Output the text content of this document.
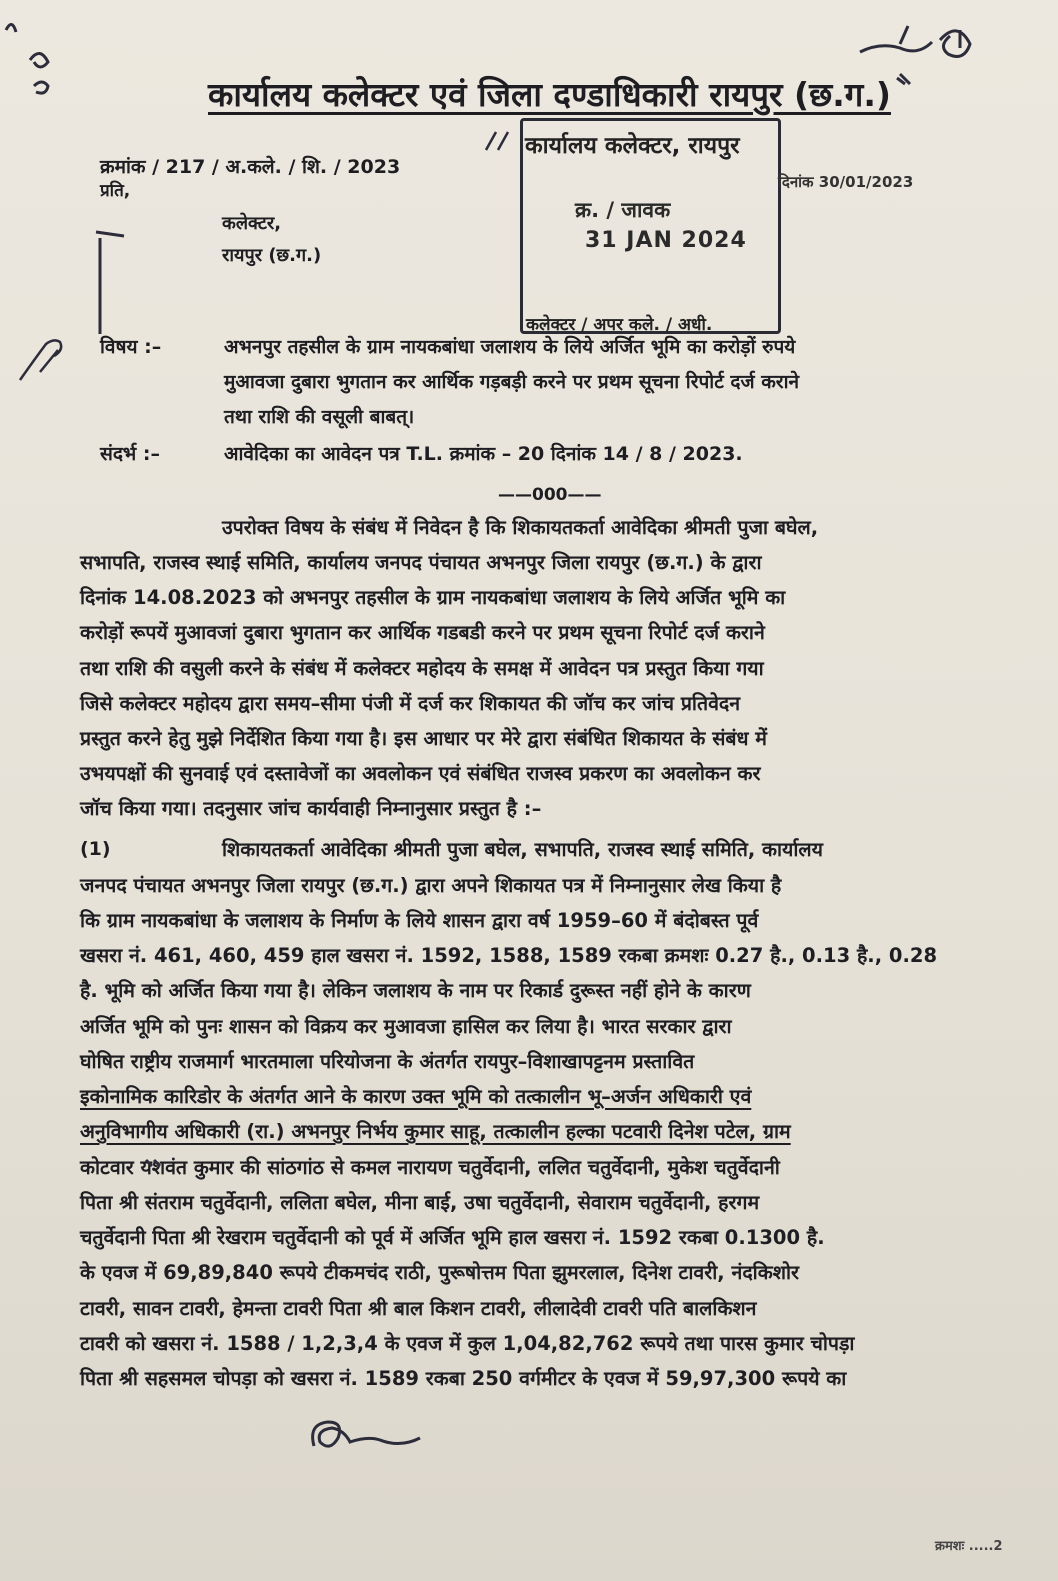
कार्यालय कलेक्टर एवं जिला दण्डाधिकारी रायपुर (छ.ग.)
क्रमांक / 217 / अ.कले. / शि. / 2023
प्रति,
कलेक्टर,
रायपुर (छ.ग.)
कार्यालय कलेक्टर, रायपुर
क्र. / जावक
31 JAN 2024
कलेक्टर / अपर कले. / अधी.
दिनांक 30/01/2023
विषय :–	अभनपुर तहसील के ग्राम नायकबांधा जलाशय के लिये अर्जित भूमि का करोड़ों रुपये
मुआवजा दुबारा भुगतान कर आर्थिक गड़बड़ी करने पर प्रथम सूचना रिपोर्ट दर्ज कराने
तथा राशि की वसूली बाबत्।
संदर्भ :–	आवेदिका का आवेदन पत्र T.L. क्रमांक – 20 दिनांक 14 / 8 / 2023.
——000——
उपरोक्त विषय के संबंध में निवेदन है कि शिकायतकर्ता आवेदिका श्रीमती पुजा बघेल,
सभापति, राजस्व स्थाई समिति, कार्यालय जनपद पंचायत अभनपुर जिला रायपुर (छ.ग.) के द्वारा
दिनांक 14.08.2023 को अभनपुर तहसील के ग्राम नायकबांधा जलाशय के लिये अर्जित भूमि का
करोड़ों रूपयें मुआवजां दुबारा भुगतान कर आर्थिक गडबडी करने पर प्रथम सूचना रिपोर्ट दर्ज कराने
तथा राशि की वसुली करने के संबंध में कलेक्टर महोदय के समक्ष में आवेदन पत्र प्रस्तुत किया गया
जिसे कलेक्टर महोदय द्वारा समय–सीमा पंजी में दर्ज कर शिकायत की जॉच कर जांच प्रतिवेदन
प्रस्तुत करने हेतु मुझे निर्देशित किया गया है। इस आधार पर मेरे द्वारा संबंधित शिकायत के संबंध में
उभयपक्षों की सुनवाई एवं दस्तावेजों का अवलोकन एवं संबंधित राजस्व प्रकरण का अवलोकन कर
जॉच किया गया। तदनुसार जांच कार्यवाही निम्नानुसार प्रस्तुत है :–
(1)	शिकायतकर्ता आवेदिका श्रीमती पुजा बघेल, सभापति, राजस्व स्थाई समिति, कार्यालय
जनपद पंचायत अभनपुर जिला रायपुर (छ.ग.) द्वारा अपने शिकायत पत्र में निम्नानुसार लेख किया है
कि ग्राम नायकबांधा के जलाशय के निर्माण के लिये शासन द्वारा वर्ष 1959–60 में बंदोबस्त पूर्व
खसरा नं. 461, 460, 459 हाल खसरा नं. 1592, 1588, 1589 रकबा क्रमशः 0.27 है., 0.13 है., 0.28
है. भूमि को अर्जित किया गया है। लेकिन जलाशय के नाम पर रिकार्ड दुरूस्त नहीं होने के कारण
अर्जित भूमि को पुनः शासन को विक्रय कर मुआवजा हासिल कर लिया है। भारत सरकार द्वारा
घोषित राष्ट्रीय राजमार्ग भारतमाला परियोजना के अंतर्गत रायपुर–विशाखापट्टनम प्रस्तावित
इकोनामिक कारिडोर के अंतर्गत आने के कारण उक्त भूमि को तत्कालीन भू–अर्जन अधिकारी एवं
अनुविभागीय अधिकारी (रा.) अभनपुर निर्भय कुमार साहू, तत्कालीन हल्का पटवारी दिनेश पटेल, ग्राम
कोटवार यशवंत कुमार की सांठगांठ से कमल नारायण चतुर्वेदानी, ललित चतुर्वेदानी, मुकेश चतुर्वेदानी
पिता श्री संतराम चतुर्वेदानी, ललिता बघेल, मीना बाई, उषा चतुर्वेदानी, सेवाराम चतुर्वेदानी, हरगम
चतुर्वेदानी पिता श्री रेखराम चतुर्वेदानी को पूर्व में अर्जित भूमि हाल खसरा नं. 1592 रकबा 0.1300 है.
के एवज में 69,89,840 रूपये टीकमचंद राठी, पुरूषोत्तम पिता झुमरलाल, दिनेश टावरी, नंदकिशोर
टावरी, सावन टावरी, हेमन्ता टावरी पिता श्री बाल किशन टावरी, लीलादेवी टावरी पति बालकिशन
टावरी को खसरा नं. 1588 / 1,2,3,4 के एवज में कुल 1,04,82,762 रूपये तथा पारस कुमार चोपड़ा
पिता श्री सहसमल चोपड़ा को खसरा नं. 1589 रकबा 250 वर्गमीटर के एवज में 59,97,300 रूपये का
क्रमशः .....2
